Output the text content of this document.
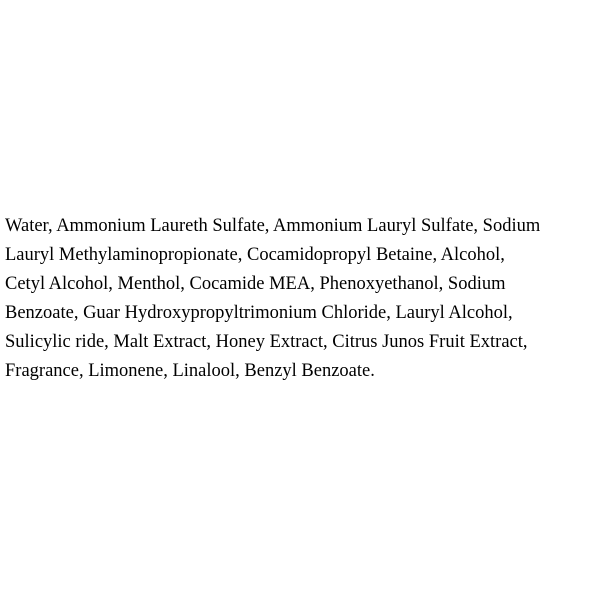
Water, Ammonium Laureth Sulfate, Ammonium Lauryl Sulfate, Sodium
Lauryl Methylaminopropionate, Cocamidopropyl Betaine, Alcohol,
Cetyl Alcohol, Menthol, Cocamide MEA, Phenoxyethanol, Sodium
Benzoate, Guar Hydroxypropyltrimonium Chloride, Lauryl Alcohol,
Sulicylic ride, Malt Extract, Honey Extract, Citrus Junos Fruit Extract,
Fragrance, Limonene, Linalool, Benzyl Benzoate.
